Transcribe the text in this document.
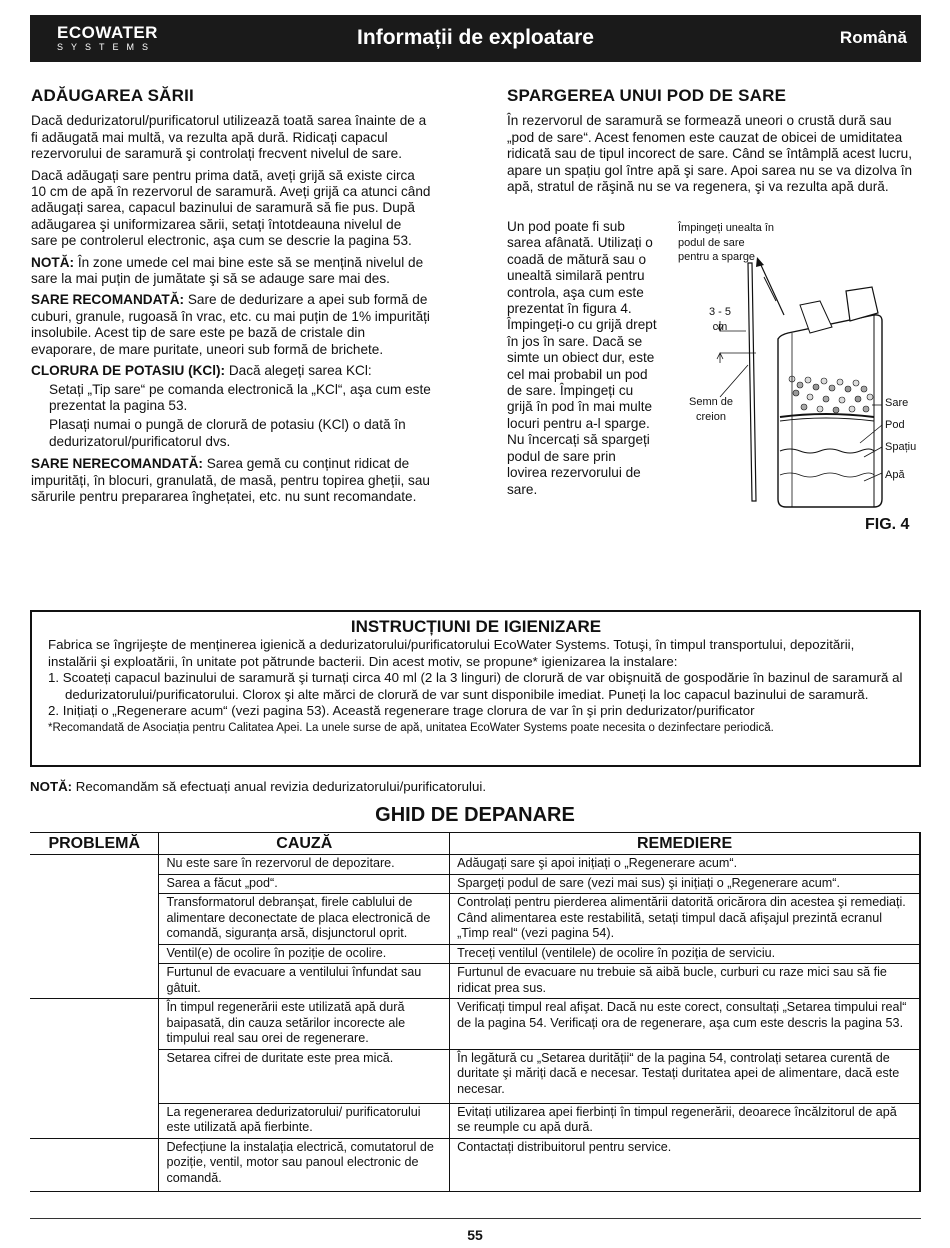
ECOWATER
SYSTEMS	Informații de exploatare	Română
ADĂUGAREA SĂRII

Dacă dedurizatorul/purificatorul utilizează toată sarea înainte de a fi adăugată mai multă, va rezulta apă dură. Ridicați capacul rezervorului de saramură şi controlați frecvent nivelul de sare.

Dacă adăugați sare pentru prima dată, aveți grijă să existe circa 10 cm de apă în rezervorul de saramură. Aveți grijă ca atunci când adăugați sarea, capacul bazinului de saramură să fie pus. După adăugarea şi uniformizarea sării, setați întotdeauna nivelul de sare pe controlerul electronic, aşa cum se descrie la pagina 53.

NOTĂ: În zone umede cel mai bine este să se mențină nivelul de sare la mai puțin de jumătate şi să se adauge sare mai des.

SARE RECOMANDATĂ: Sare de dedurizare a apei sub formă de cuburi, granule, rugoasă în vrac, etc. cu mai puțin de 1% impurități insolubile. Acest tip de sare este pe bază de cristale din evaporare, de mare puritate, uneori sub formă de brichete.

CLORURA DE POTASIU (KCl): Dacă alegeți sarea KCl:

Setați „Tip sare“ pe comanda electronică la „KCl“, aşa cum este prezentat la pagina 53.

Plasați numai o pungă de clorură de potasiu (KCl) o dată în dedurizatorul/purificatorul dvs.

SARE NERECOMANDATĂ: Sarea gemă cu conținut ridicat de impurități, în blocuri, granulată, de masă, pentru topirea gheții, sau sărurile pentru prepararea înghețatei, etc. nu sunt recomandate.

SPARGEREA UNUI POD DE SARE

În rezervorul de saramură se formează uneori o crustă dură sau „pod de sare“. Acest fenomen este cauzat de obicei de umiditatea ridicată sau de tipul incorect de sare. Când se întâmplă acest lucru, apare un spațiu gol între apă şi sare. Apoi sarea nu se va dizolva în apă, stratul de răşină nu se va regenera, şi va rezulta apă dură.

Un pod poate fi sub sarea afânată. Utilizați o coadă de mătură sau o unealtă similară pentru controla, aşa cum este prezentat în figura 4. Împingeți-o cu grijă drept în jos în sare. Dacă se simte un obiect dur, este cel mai probabil un pod de sare. Împingeți cu grijă în pod în mai multe locuri pentru a-l sparge. Nu încercați să spargeți podul de sare prin lovirea rezervorului de sare.
Împingeți unealta în podul de sare pentru a sparge
3 - 5 cm
Semn de creion
Sare
Pod
Spațiu
Apă
FIG. 4
INSTRUCȚIUNI DE IGIENIZARE
Fabrica se îngrijeşte de menținerea igienică a dedurizatorului/purificatorului EcoWater Systems. Totuşi, în timpul transportului, depozitării, instalării şi exploatării, în unitate pot pătrunde bacterii. Din acest motiv, se propune* igienizarea la instalare:
1. Scoateți capacul bazinului de saramură şi turnați circa 40 ml (2 la 3 linguri) de clorură de var obişnuită de gospodărie în bazinul de saramură al dedurizatorului/purificatorului. Clorox şi alte mărci de clorură de var sunt disponibile imediat. Puneți la loc capacul bazinului de saramură.
2. Inițiați o „Regenerare acum“ (vezi pagina 53). Această regenerare trage clorura de var în şi prin dedurizator/purificator
*Recomandată de Asociația pentru Calitatea Apei. La unele surse de apă, unitatea EcoWater Systems poate necesita o dezinfectare periodică.
NOTĂ: Recomandăm să efectuați anual revizia dedurizatorului/purificatorului.
GHID DE DEPANARE
PROBLEMĂ	CAUZĂ	REMEDIERE
	Nu este sare în rezervorul de depozitare.	Adăugați sare şi apoi inițiați o „Regenerare acum“.
	Sarea a făcut „pod“.	Spargeți podul de sare (vezi mai sus) şi inițiați o „Regenerare acum“.
	Transformatorul debranşat, firele cablului de alimentare deconectate de placa electronică de comandă, siguranța arsă, disjunctorul oprit.	Controlați pentru pierderea alimentării datorită oricărora din acestea şi remediați. Când alimentarea este restabilită, setați timpul dacă afişajul prezintă ecranul „Timp real“ (vezi pagina 54).
	Ventil(e) de ocolire în poziție de ocolire.	Treceți ventilul (ventilele) de ocolire în poziția de serviciu.
	Furtunul de evacuare a ventilului înfundat sau gâtuit.	Furtunul de evacuare nu trebuie să aibă bucle, curburi cu raze mici sau să fie ridicat prea sus.
	În timpul regenerării este utilizată apă dură baipasată, din cauza setărilor incorecte ale timpului real sau orei de regenerare.	Verificați timpul real afişat. Dacă nu este corect, consultați „Setarea timpului real“ de la pagina 54. Verificați ora de regenerare, aşa cum este descris la pagina 53.
	Setarea cifrei de duritate este prea mică.	În legătură cu „Setarea durității“ de la pagina 54, controlați setarea curentă de duritate şi măriți dacă e necesar. Testați duritatea apei de alimentare, dacă este necesar.
	La regenerarea dedurizatorului/ purificatorului este utilizată apă fierbinte.	Evitați utilizarea apei fierbinți în timpul regenerării, deoarece încălzitorul de apă se reumple cu apă dură.
	Defecțiune la instalația electrică, comutatorul de poziție, ventil, motor sau panoul electronic de comandă.	Contactați distribuitorul pentru service.
55
